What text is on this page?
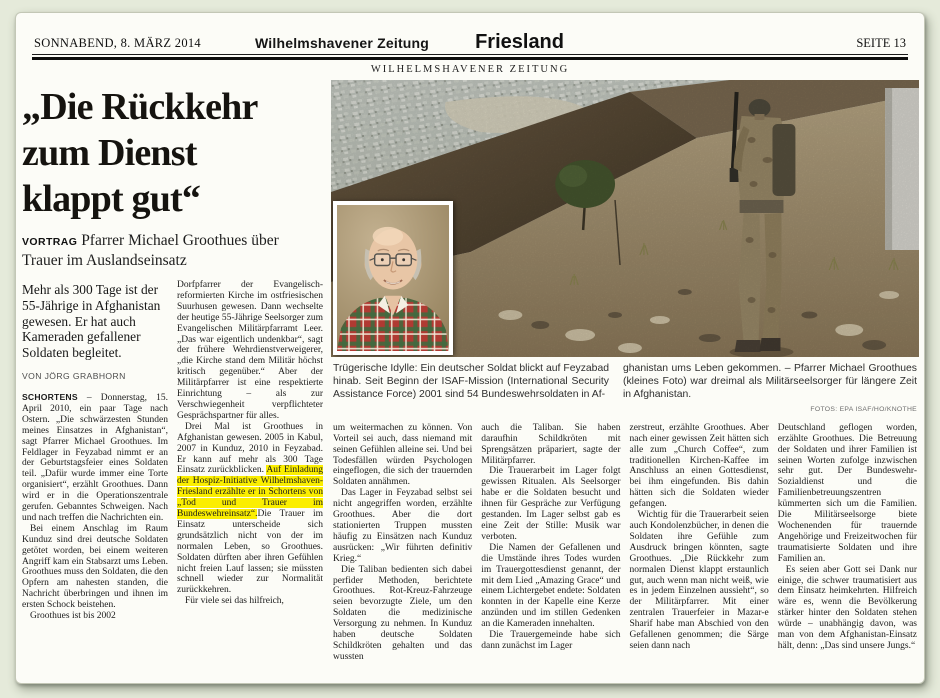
SONNABEND, 8. MÄRZ 2014	Wilhelmshavener Zeitung Friesland	SEITE 13
WILHELMSHAVENER ZEITUNG
„Die Rückkehr
zum Dienst
klappt gut“
VORTRAG Pfarrer Michael Groothues über Trauer im Auslandseinsatz
Mehr als 300 Tage ist der 55-Jährige in Afghanistan gewesen. Er hat auch Kameraden gefallener Soldaten begleitet.
VON JÖRG GRABHORN

SCHORTENS – Donnerstag, 15. April 2010, ein paar Tage nach Ostern. „Die schwärzesten Stunden meines Einsatzes in Afghanistan“, sagt Pfarrer Michael Groothues. Im Feldlager in Feyzabad nimmt er an der Geburtstagsfeier eines Soldaten teil. „Dafür wurde immer eine Torte organisiert“, erzählt Groothues. Dann wird er in die Operationszentrale gerufen. Gebanntes Schweigen. Nach und nach treffen die Nachrichten ein.

Bei einem Anschlag im Raum Kunduz sind drei deutsche Soldaten getötet worden, bei einem weiteren Angriff kam ein Stabsarzt ums Leben. Groothues muss den Soldaten, die den Opfern am nahesten standen, die Nachricht überbringen und ihnen im ersten Schock beistehen.

Groothues ist bis 2002

Dorfpfarrer der Evangelisch-reformierten Kirche im ostfriesischen Suurhusen gewesen. Dann wechselte der heutige 55-Jährige Seelsorger zum Evangelischen Militärpfarramt Leer. „Das war eigentlich undenkbar“, sagt der frühere Wehrdienstverweigerer, „die Kirche stand dem Militär höchst kritisch gegenüber.“ Aber der Militärpfarrer ist eine respektierte Einrichtung – als zur Verschwiegenheit verpflichteter Gesprächspartner für alles.

Drei Mal ist Groothues in Afghanistan gewesen. 2005 in Kabul, 2007 in Kunduz, 2010 in Feyzabad. Er kann auf mehr als 300 Tage Einsatz zurückblicken. Auf Einladung der Hospiz-Initiative Wilhelmshaven-Friesland erzählte er in Schortens von „Tod und Trauer im Bundeswehreinsatz“.Die Trauer im Einsatz unterscheide sich grundsätzlich nicht von der im normalen Leben, so Groothues. Soldaten dürften aber ihren Gefühlen nicht freien Lauf lassen; sie müssten schnell wieder zur Normalität zurückkehren.

Für viele sei das hilfreich,

Trügerische Idylle: Ein deutscher Soldat blickt auf Feyzabad hinab. Seit Beginn der ISAF-Mission (International Security Assistance Force) 2001 sind 54 Bundeswehrsoldaten in Af-
ghanistan ums Leben gekommen. – Pfarrer Michael Groothues (kleines Foto) war dreimal als Militärseelsorger für längere Zeit in Afghanistan.
FOTOS: EPA ISAF/HO/KNOTHE

um weitermachen zu können. Von Vorteil sei auch, dass niemand mit seinen Gefühlen alleine sei. Und bei Todesfällen würden Psychologen eingeflogen, die sich der trauernden Soldaten annähmen.

Das Lager in Feyzabad selbst sei nicht angegriffen worden, erzählte Groothues. Aber die dort stationierten Truppen mussten häufig zu Einsätzen nach Kunduz ausrücken: „Wir führten definitiv Krieg.“

Die Taliban bedienten sich dabei perfider Methoden, berichtete Groothues. Rot-Kreuz-Fahrzeuge seien bevorzugte Ziele, um den Soldaten die medizinische Versorgung zu nehmen. In Kunduz haben deutsche Soldaten Schildkröten gehalten und das wussten

auch die Taliban. Sie haben daraufhin Schildkröten mit Sprengsätzen präpariert, sagte der Militärpfarrer.

Die Trauerarbeit im Lager folgt gewissen Ritualen. Als Seelsorger habe er die Soldaten besucht und ihnen für Gespräche zur Verfügung gestanden. Im Lager selbst gab es eine Zeit der Stille: Musik war verboten.

Die Namen der Gefallenen und die Umstände ihres Todes wurden im Trauergottesdienst genannt, der mit dem Lied „Amazing Grace“ und einem Lichtergebet endete: Soldaten konnten in der Kapelle eine Kerze anzünden und im stillen Gedenken an die Kameraden innehalten.

Die Trauergemeinde habe sich dann zunächst im Lager

zerstreut, erzählte Groothues. Aber nach einer gewissen Zeit hätten sich alle zum „Church Coffee“, zum traditionellen Kirchen-Kaffee im Anschluss an einen Gottesdienst, bei ihm eingefunden. Bis dahin hätten sich die Soldaten wieder gefangen.

Wichtig für die Trauerarbeit seien auch Kondolenzbücher, in denen die Soldaten ihre Gefühle zum Ausdruck bringen könnten, sagte Groothues. „Die Rückkehr zum normalen Dienst klappt erstaunlich gut, auch wenn man nicht weiß, wie es in jedem Einzelnen aussieht“, so der Militärpfarrer. Mit einer zentralen Trauerfeier in Mazar-e Sharif habe man Abschied von den Gefallenen genommen; die Särge seien dann nach

Deutschland geflogen worden, erzählte Groothues. Die Betreuung der Soldaten und ihrer Familien ist seinen Worten zufolge inzwischen sehr gut. Der Bundeswehr-Sozialdienst und die Familienbetreuungszentren kümmerten sich um die Familien. Die Militärseelsorge biete Wochenenden für trauernde Angehörige und Freizeitwochen für traumatisierte Soldaten und ihre Familien an.

Es seien aber Gott sei Dank nur einige, die schwer traumatisiert aus dem Einsatz heimkehrten. Hilfreich wäre es, wenn die Bevölkerung stärker hinter den Soldaten stehen würde – unabhängig davon, was man von dem Afghanistan-Einsatz hält, denn: „Das sind unsere Jungs.“
